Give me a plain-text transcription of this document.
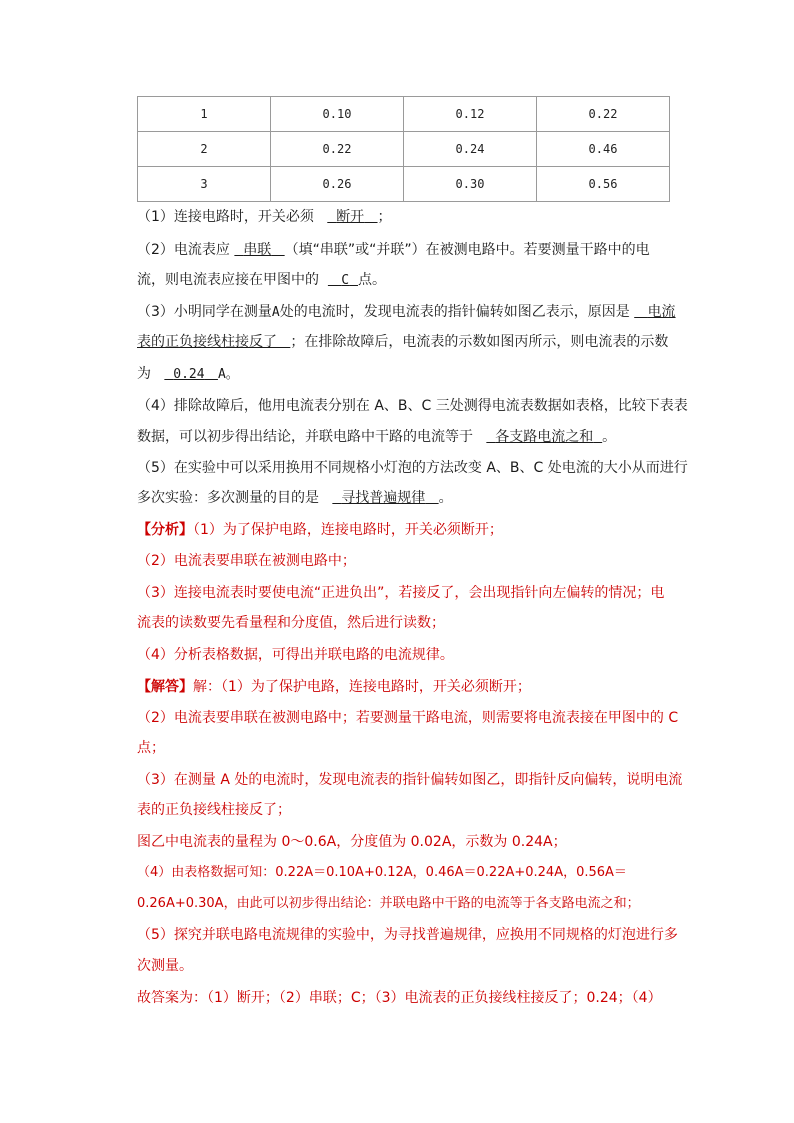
1	0.10	0.12	0.22
2	0.22	0.24	0.46
3	0.26	0.30	0.56
（1）连接电路时，开关必须 断开 ；
（2）电流表应 串联 （填“串联”或“并联”）在被测电路中。若要测量干路中的电
流，则电流表应接在甲图中的 C 点。
（3）小明同学在测量A处的电流时，发现电流表的指针偏转如图乙表示，原因是 电流
表的正负接线柱接反了 ；在排除故障后，电流表的示数如图丙所示，则电流表的示数
为 0.24 A。
（4）排除故障后，他用电流表分别在 A、B、C 三处测得电流表数据如表格，比较下表表
数据，可以初步得出结论，并联电路中干路的电流等于 各支路电流之和 。
（5）在实验中可以采用换用不同规格小灯泡的方法改变 A、B、C 处电流的大小从而进行
多次实验：多次测量的目的是 寻找普遍规律 。
【分析】（1）为了保护电路，连接电路时，开关必须断开；
（2）电流表要串联在被测电路中；
（3）连接电流表时要使电流“正进负出”，若接反了，会出现指针向左偏转的情况；电
流表的读数要先看量程和分度值，然后进行读数；
（4）分析表格数据，可得出并联电路的电流规律。
【解答】解：（1）为了保护电路，连接电路时，开关必须断开；
（2）电流表要串联在被测电路中；若要测量干路电流，则需要将电流表接在甲图中的 C
点；
（3）在测量 A 处的电流时，发现电流表的指针偏转如图乙，即指针反向偏转，说明电流
表的正负接线柱接反了；
图乙中电流表的量程为 0～0.6A，分度值为 0.02A，示数为 0.24A；
（4）由表格数据可知：0.22A＝0.10A+0.12A，0.46A＝0.22A+0.24A，0.56A＝
0.26A+0.30A，由此可以初步得出结论：并联电路中干路的电流等于各支路电流之和；
（5）探究并联电路电流规律的实验中，为寻找普遍规律，应换用不同规格的灯泡进行多
次测量。
故答案为：（1）断开；（2）串联；C；（3）电流表的正负接线柱接反了；0.24；（4）
